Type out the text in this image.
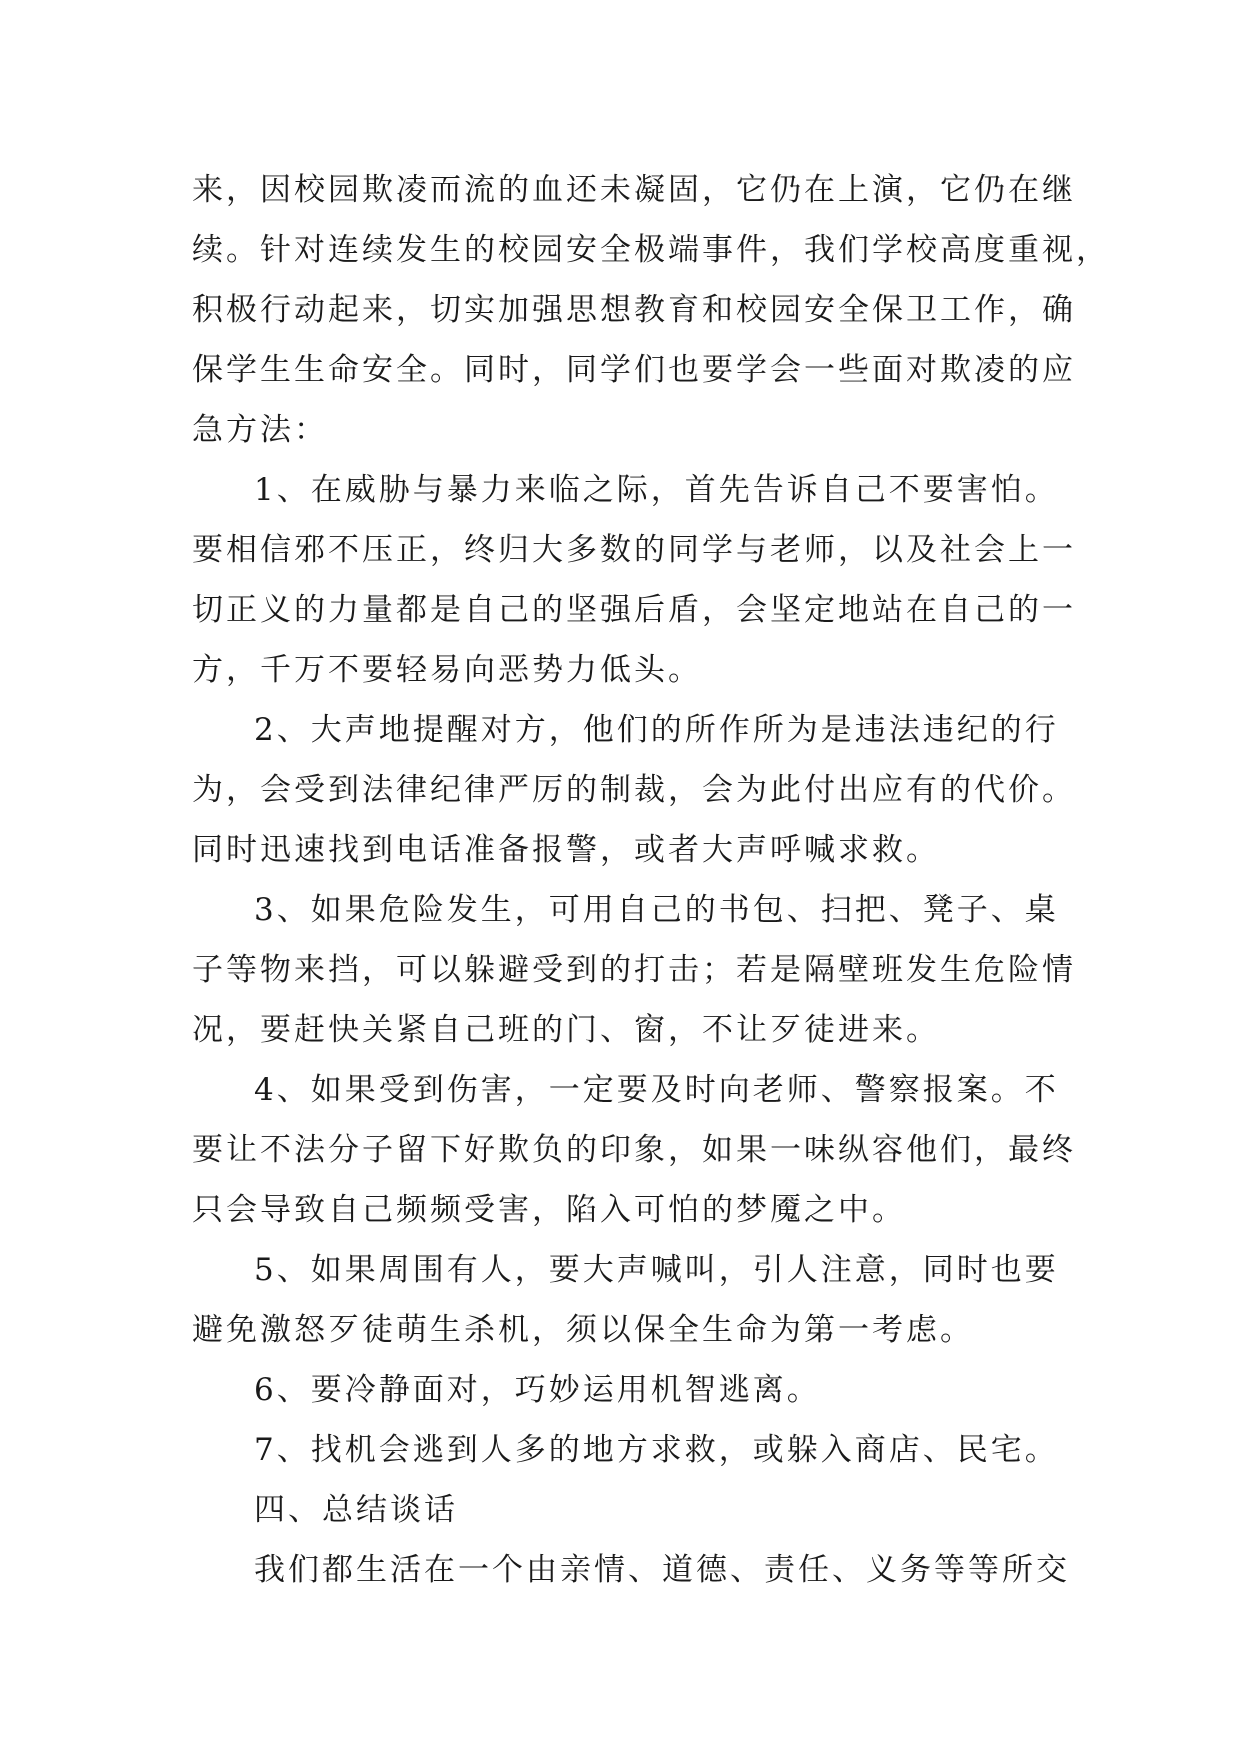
来，因校园欺凌而流的血还未凝固，它仍在上演，它仍在继
续。针对连续发生的校园安全极端事件，我们学校高度重视，
积极行动起来，切实加强思想教育和校园安全保卫工作，确
保学生生命安全。同时，同学们也要学会一些面对欺凌的应
急方法：
1、在威胁与暴力来临之际，首先告诉自己不要害怕。
要相信邪不压正，终归大多数的同学与老师，以及社会上一
切正义的力量都是自己的坚强后盾，会坚定地站在自己的一
方，千万不要轻易向恶势力低头。
2、大声地提醒对方，他们的所作所为是违法违纪的行
为，会受到法律纪律严厉的制裁，会为此付出应有的代价。
同时迅速找到电话准备报警，或者大声呼喊求救。
3、如果危险发生，可用自己的书包、扫把、凳子、桌
子等物来挡，可以躲避受到的打击；若是隔壁班发生危险情
况，要赶快关紧自己班的门、窗，不让歹徒进来。
4、如果受到伤害，一定要及时向老师、警察报案。不
要让不法分子留下好欺负的印象，如果一味纵容他们，最终
只会导致自己频频受害，陷入可怕的梦魇之中。
5、如果周围有人，要大声喊叫，引人注意，同时也要
避免激怒歹徒萌生杀机，须以保全生命为第一考虑。
6、要冷静面对，巧妙运用机智逃离。
7、找机会逃到人多的地方求救，或躲入商店、民宅。
四、总结谈话
我们都生活在一个由亲情、道德、责任、义务等等所交
